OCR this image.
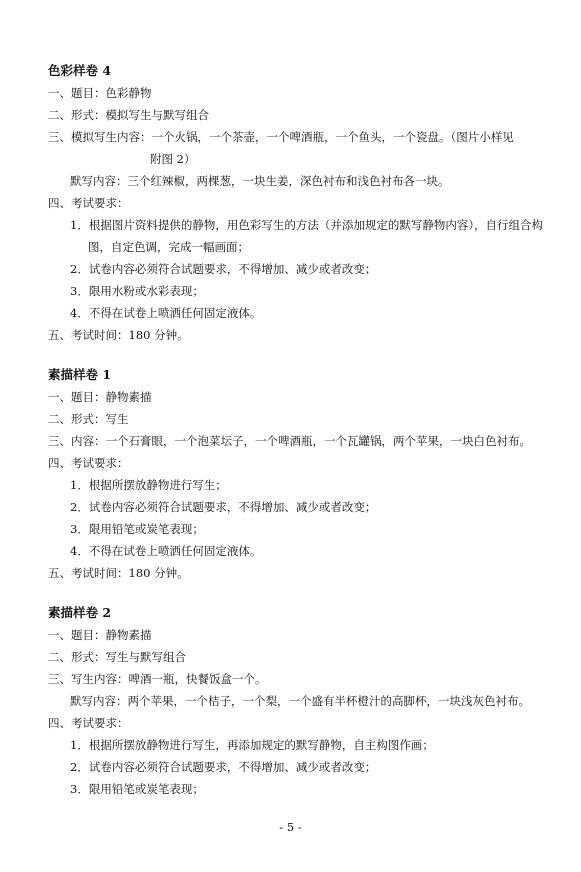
色彩样卷 4
一、题目：色彩静物
二、形式：模拟写生与默写组合
三、模拟写生内容：一个火锅，一个茶壶，一个啤酒瓶，一个鱼头，一个瓷盘。（图片小样见
附图 2）
默写内容：三个红辣椒，两棵葱，一块生姜，深色衬布和浅色衬布各一块。
四、考试要求：
1．根据图片资料提供的静物，用色彩写生的方法（并添加规定的默写静物内容），自行组合构
图，自定色调，完成一幅画面；
2．试卷内容必须符合试题要求，不得增加、减少或者改变；
3．限用水粉或水彩表现；
4．不得在试卷上喷洒任何固定液体。
五、考试时间：180 分钟。
素描样卷 1
一、题目：静物素描
二、形式：写生
三、内容：一个石膏眼，一个泡菜坛子，一个啤酒瓶，一个瓦罐锅，两个苹果，一块白色衬布。
四、考试要求：
1．根据所摆放静物进行写生；
2．试卷内容必须符合试题要求，不得增加、减少或者改变；
3．限用铅笔或炭笔表现；
4．不得在试卷上喷洒任何固定液体。
五、考试时间：180 分钟。
素描样卷 2
一、题目：静物素描
二、形式：写生与默写组合
三、写生内容：啤酒一瓶，快餐饭盒一个。
默写内容：两个苹果，一个桔子，一个梨，一个盛有半杯橙汁的高脚杯，一块浅灰色衬布。
四、考试要求：
1．根据所摆放静物进行写生，再添加规定的默写静物，自主构图作画；
2．试卷内容必须符合试题要求，不得增加、减少或者改变；
3．限用铅笔或炭笔表现；
- 5 -
